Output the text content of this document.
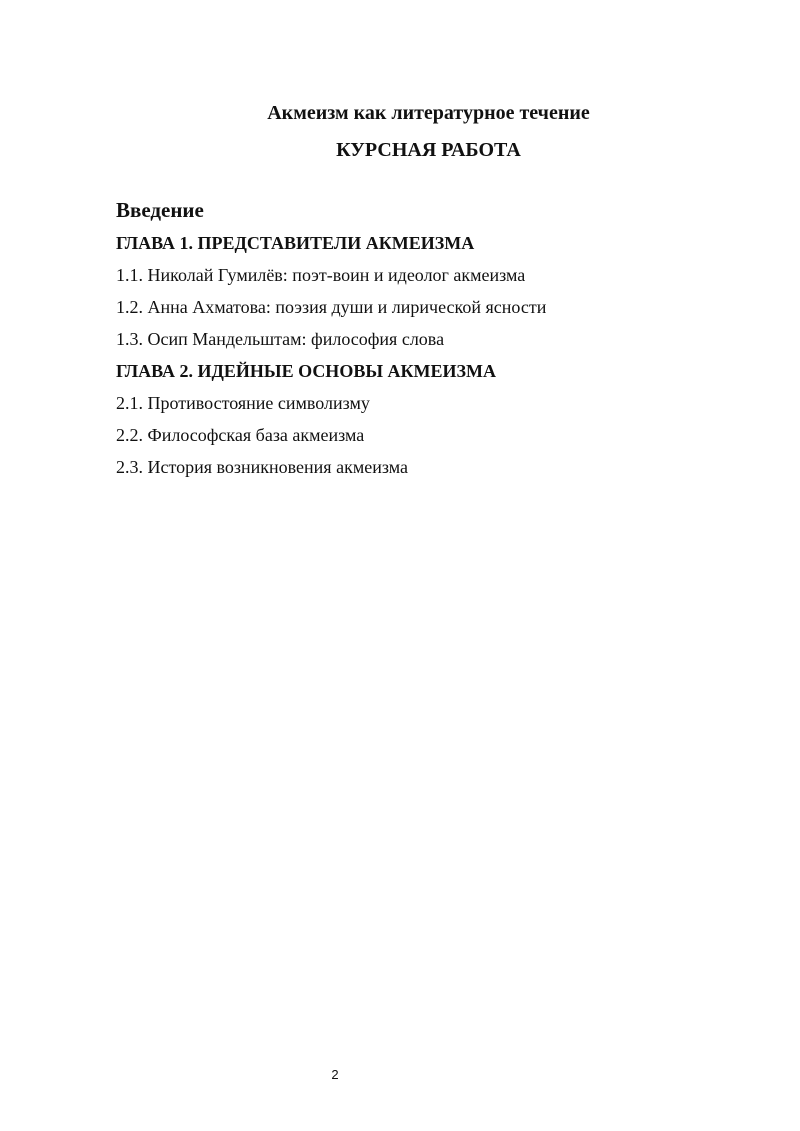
Акмеизм как литературное течение
КУРСНАЯ РАБОТА
Введение
ГЛАВА 1. ПРЕДСТАВИТЕЛИ АКМЕИЗМА
1.1. Николай Гумилёв: поэт-воин и идеолог акмеизма
1.2. Анна Ахматова: поэзия души и лирической ясности
1.3. Осип Мандельштам: философия слова
ГЛАВА 2. ИДЕЙНЫЕ ОСНОВЫ АКМЕИЗМА
2.1. Противостояние символизму
2.2. Философская база акмеизма
2.3. История возникновения акмеизма
2
